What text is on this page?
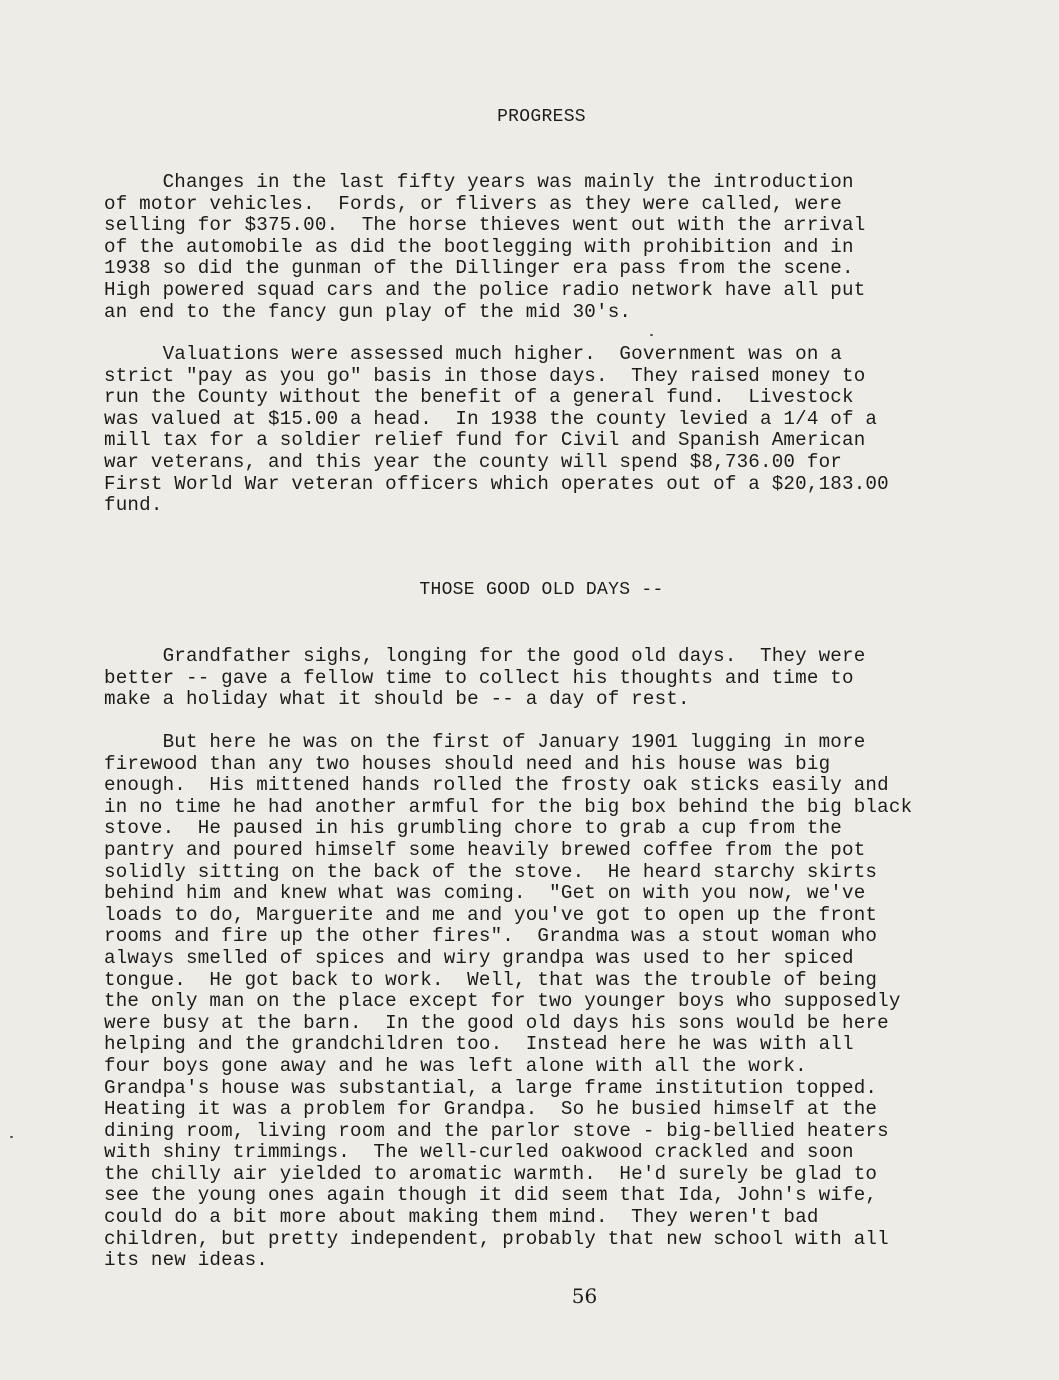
PROGRESS
Changes in the last fifty years was mainly the introduction
of motor vehicles.  Fords, or flivers as they were called, were
selling for $375.00.  The horse thieves went out with the arrival
of the automobile as did the bootlegging with prohibition and in
1938 so did the gunman of the Dillinger era pass from the scene.
High powered squad cars and the police radio network have all put
an end to the fancy gun play of the mid 30's.
Valuations were assessed much higher.  Government was on a
strict "pay as you go" basis in those days.  They raised money to
run the County without the benefit of a general fund.  Livestock
was valued at $15.00 a head.  In 1938 the county levied a 1/4 of a
mill tax for a soldier relief fund for Civil and Spanish American
war veterans, and this year the county will spend $8,736.00 for
First World War veteran officers which operates out of a $20,183.00
fund.
THOSE GOOD OLD DAYS --
Grandfather sighs, longing for the good old days.  They were
better -- gave a fellow time to collect his thoughts and time to
make a holiday what it should be -- a day of rest.
But here he was on the first of January 1901 lugging in more
firewood than any two houses should need and his house was big
enough.  His mittened hands rolled the frosty oak sticks easily and
in no time he had another armful for the big box behind the big black
stove.  He paused in his grumbling chore to grab a cup from the
pantry and poured himself some heavily brewed coffee from the pot
solidly sitting on the back of the stove.  He heard starchy skirts
behind him and knew what was coming.  "Get on with you now, we've
loads to do, Marguerite and me and you've got to open up the front
rooms and fire up the other fires".  Grandma was a stout woman who
always smelled of spices and wiry grandpa was used to her spiced
tongue.  He got back to work.  Well, that was the trouble of being
the only man on the place except for two younger boys who supposedly
were busy at the barn.  In the good old days his sons would be here
helping and the grandchildren too.  Instead here he was with all
four boys gone away and he was left alone with all the work.
Grandpa's house was substantial, a large frame institution topped.
Heating it was a problem for Grandpa.  So he busied himself at the
dining room, living room and the parlor stove - big-bellied heaters
with shiny trimmings.  The well-curled oakwood crackled and soon
the chilly air yielded to aromatic warmth.  He'd surely be glad to
see the young ones again though it did seem that Ida, John's wife,
could do a bit more about making them mind.  They weren't bad
children, but pretty independent, probably that new school with all
its new ideas.
56
